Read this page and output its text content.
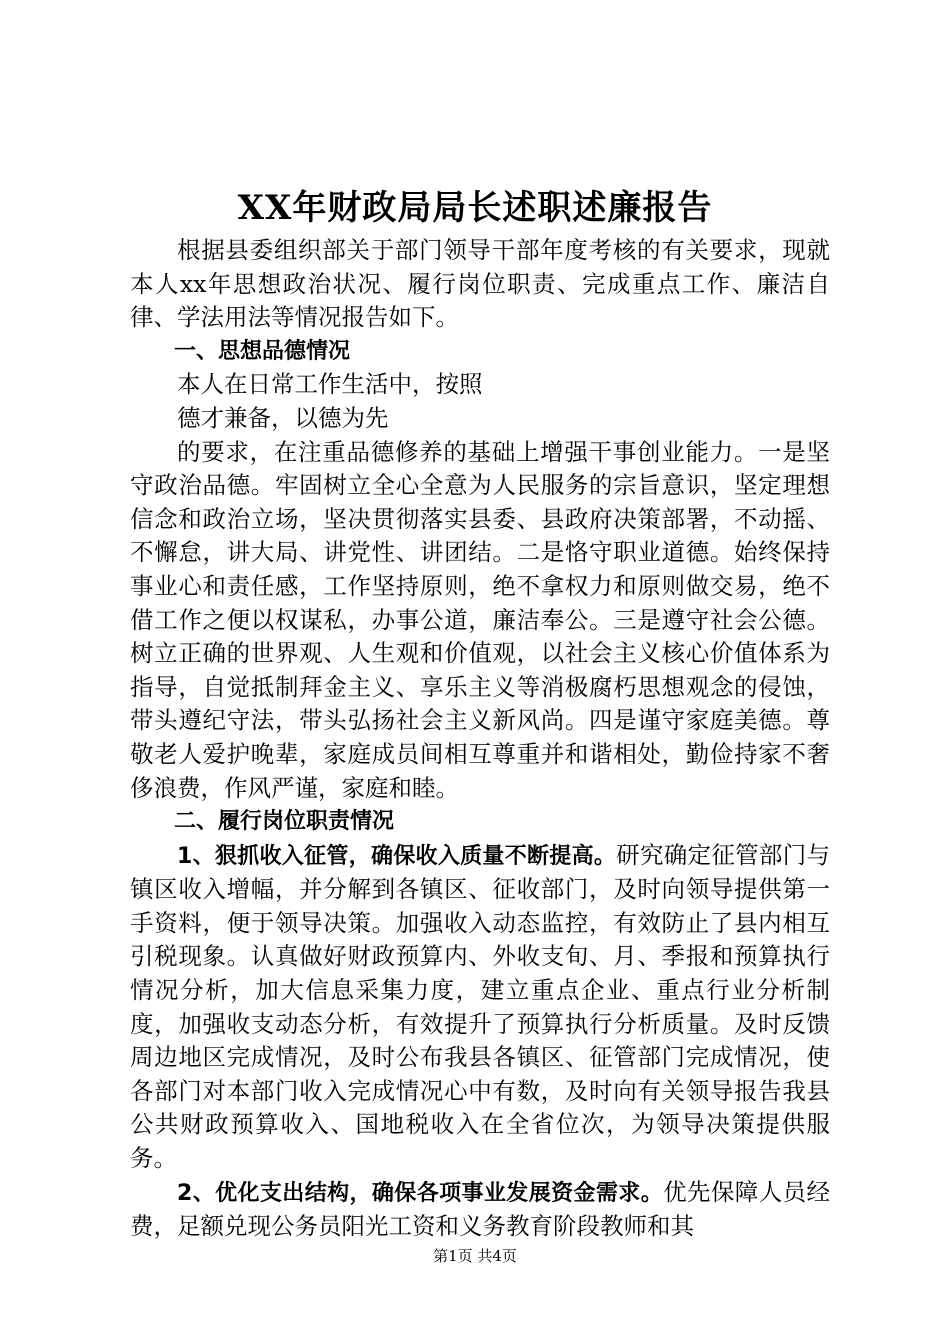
XX年财政局局长述职述廉报告

根据县委组织部关于部门领导干部年度考核的有关要求，现就本人xx年思想政治状况、履行岗位职责、完成重点工作、廉洁自律、学法用法等情况报告如下。

一、思想品德情况

本人在日常工作生活中，按照

德才兼备，以德为先

的要求，在注重品德修养的基础上增强干事创业能力。一是坚守政治品德。牢固树立全心全意为人民服务的宗旨意识，坚定理想信念和政治立场，坚决贯彻落实县委、县政府决策部署，不动摇、不懈怠，讲大局、讲党性、讲团结。二是恪守职业道德。始终保持事业心和责任感，工作坚持原则，绝不拿权力和原则做交易，绝不借工作之便以权谋私，办事公道，廉洁奉公。三是遵守社会公德。树立正确的世界观、人生观和价值观，以社会主义核心价值体系为指导，自觉抵制拜金主义、享乐主义等消极腐朽思想观念的侵蚀，带头遵纪守法，带头弘扬社会主义新风尚。四是谨守家庭美德。尊敬老人爱护晚辈，家庭成员间相互尊重并和谐相处，勤俭持家不奢侈浪费，作风严谨，家庭和睦。

二、履行岗位职责情况

1、狠抓收入征管，确保收入质量不断提高。研究确定征管部门与镇区收入增幅，并分解到各镇区、征收部门，及时向领导提供第一手资料，便于领导决策。加强收入动态监控，有效防止了县内相互引税现象。认真做好财政预算内、外收支旬、月、季报和预算执行情况分析，加大信息采集力度，建立重点企业、重点行业分析制度，加强收支动态分析，有效提升了预算执行分析质量。及时反馈周边地区完成情况，及时公布我县各镇区、征管部门完成情况，使各部门对本部门收入完成情况心中有数，及时向有关领导报告我县公共财政预算收入、国地税收入在全省位次，为领导决策提供服务。

2、优化支出结构，确保各项事业发展资金需求。优先保障人员经费，足额兑现公务员阳光工资和义务教育阶段教师和其

第1页 共4页
